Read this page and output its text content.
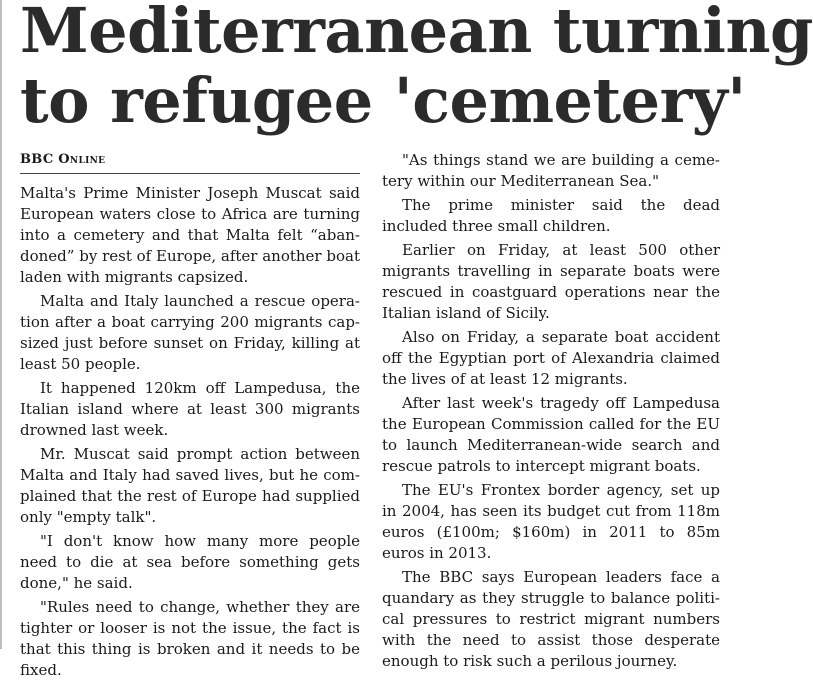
Mediterranean turning
to refugee 'cemetery'
BBC Online

Malta's Prime Minister Joseph Muscat said European waters close to Africa are turning into a cemetery and that Malta felt “aban-doned” by rest of Europe, after another boat laden with migrants capsized.

Malta and Italy launched a rescue opera-tion after a boat carrying 200 migrants cap-sized just before sunset on Friday, killing at least 50 people.

It happened 120km off Lampedusa, the Italian island where at least 300 migrants drowned last week.

Mr. Muscat said prompt action between Malta and Italy had saved lives, but he com-plained that the rest of Europe had supplied only "empty talk".

"I don't know how many more people need to die at sea before something gets done," he said.

"Rules need to change, whether they are tighter or looser is not the issue, the fact is that this thing is broken and it needs to be fixed.

"As things stand we are building a ceme-tery within our Mediterranean Sea."

The prime minister said the dead included three small children.

Earlier on Friday, at least 500 other migrants travelling in separate boats were rescued in coastguard operations near the Italian island of Sicily.

Also on Friday, a separate boat accident off the Egyptian port of Alexandria claimed the lives of at least 12 migrants.

After last week's tragedy off Lampedusa the European Commission called for the EU to launch Mediterranean-wide search and rescue patrols to intercept migrant boats.

The EU's Frontex border agency, set up in 2004, has seen its budget cut from 118m euros (£100m; $160m) in 2011 to 85m euros in 2013.

The BBC says European leaders face a quandary as they struggle to balance politi-cal pressures to restrict migrant numbers with the need to assist those desperate enough to risk such a perilous journey.
